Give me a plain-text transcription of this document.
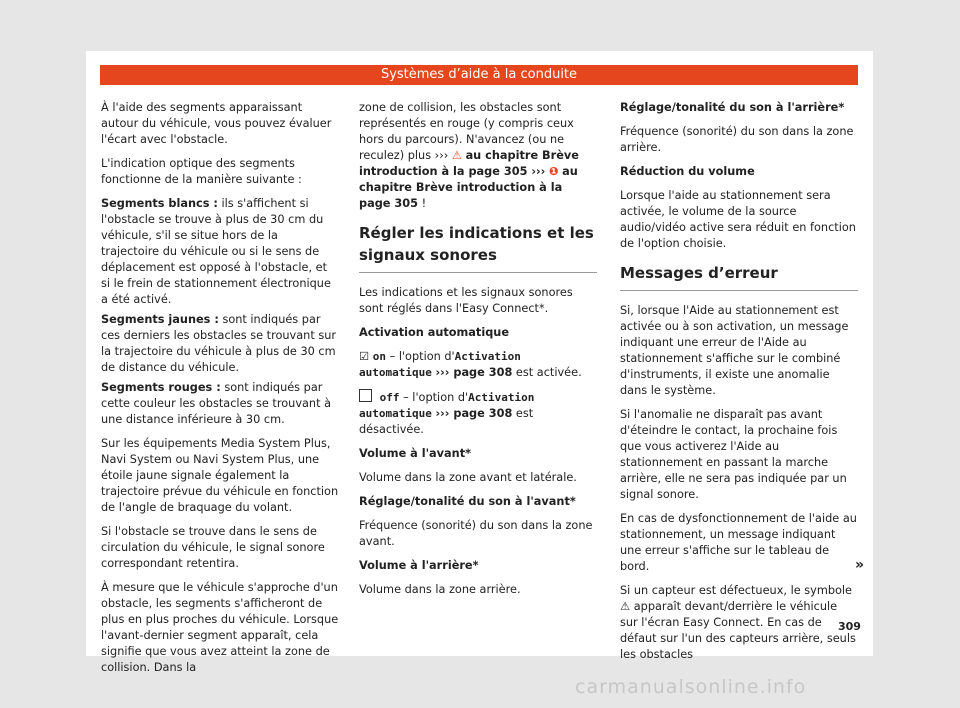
Systèmes d’aide à la conduite

À l'aide des segments apparaissant autour du véhicule, vous pouvez évaluer l'écart avec l'obstacle.

L'indication optique des segments fonctionne de la manière suivante :

Segments blancs : ils s'affichent si l'obstacle se trouve à plus de 30 cm du véhicule, s'il se situe hors de la trajectoire du véhicule ou si le sens de déplacement est opposé à l'obstacle, et si le frein de stationnement électronique a été activé.
Segments jaunes : sont indiqués par ces derniers les obstacles se trouvant sur la trajectoire du véhicule à plus de 30 cm de distance du véhicule.
Segments rouges : sont indiqués par cette couleur les obstacles se trouvant à une distance inférieure à 30 cm.

Sur les équipements Media System Plus, Navi System ou Navi System Plus, une étoile jaune signale également la trajectoire prévue du véhicule en fonction de l'angle de braquage du volant.

Si l'obstacle se trouve dans le sens de circulation du véhicule, le signal sonore correspondant retentira.

À mesure que le véhicule s'approche d'un obstacle, les segments s'afficheront de plus en plus proches du véhicule. Lorsque l'avant-dernier segment apparaît, cela signifie que vous avez atteint la zone de collision. Dans la

zone de collision, les obstacles sont représentés en rouge (y compris ceux hors du parcours). N'avancez (ou ne reculez) plus ››› ⚠ au chapitre Brève introduction à la page 305 ››› ❶ au chapitre Brève introduction à la page 305 !

Régler les indications et les signaux sonores

Les indications et les signaux sonores sont réglés dans l'Easy Connect*.

Activation automatique

☑ on – l'option d'Activation automatique ››› page 308 est activée.

off – l'option d'Activation automatique ››› page 308 est désactivée.

Volume à l'avant*

Volume dans la zone avant et latérale.

Réglage/tonalité du son à l'avant*

Fréquence (sonorité) du son dans la zone avant.

Volume à l'arrière*

Volume dans la zone arrière.

Réglage/tonalité du son à l'arrière*

Fréquence (sonorité) du son dans la zone arrière.

Réduction du volume

Lorsque l'aide au stationnement sera activée, le volume de la source audio/vidéo active sera réduit en fonction de l'option choisie.

Messages d’erreur

Si, lorsque l'Aide au stationnement est activée ou à son activation, un message indiquant une erreur de l'Aide au stationnement s'affiche sur le combiné d'instruments, il existe une anomalie dans le système.

Si l'anomalie ne disparaît pas avant d'éteindre le contact, la prochaine fois que vous activerez l'Aide au stationnement en passant la marche arrière, elle ne sera pas indiquée par un signal sonore.

En cas de dysfonctionnement de l'aide au stationnement, un message indiquant une erreur s'affiche sur le tableau de bord.

Si un capteur est défectueux, le symbole ⚠ apparaît devant/derrière le véhicule sur l'écran Easy Connect. En cas de défaut sur l'un des capteurs arrière, seuls les obstacles

»
309
carmanualsonline.info
